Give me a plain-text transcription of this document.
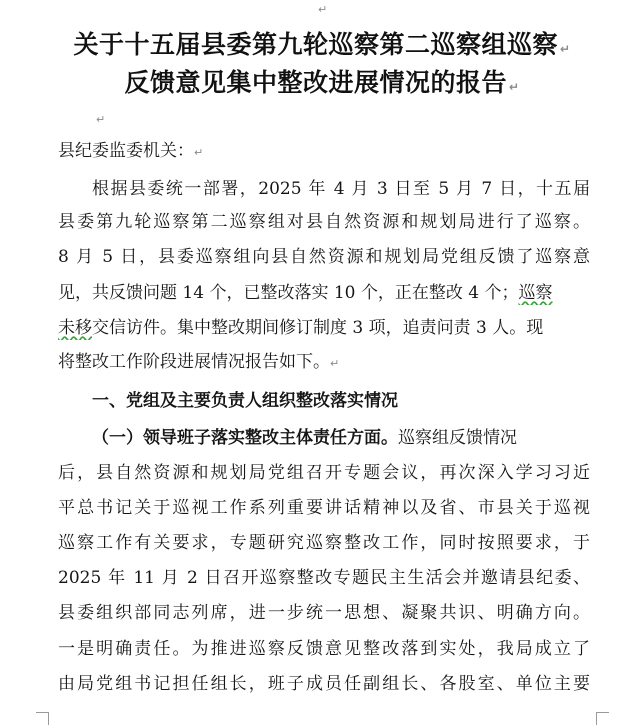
↵
关于十五届县委第九轮巡察第二巡察组巡察 ↵
反馈意见集中整改进展情况的报告 ↵
↵
县纪委监委机关：↵
根据县委统一部署，2025 年 4 月 3 日至 5 月 7 日，十五届
县委第九轮巡察第二巡察组对县自然资源和规划局进行了巡察。
8 月 5 日，县委巡察组向县自然资源和规划局党组反馈了巡察意
见，共反馈问题 14 个，已整改落实 10 个，正在整改 4 个；巡察
未移交信访件。集中整改期间修订制度 3 项，追责问责 3 人。现
将整改工作阶段进展情况报告如下。↵
一、党组及主要负责人组织整改落实情况
（一）领导班子落实整改主体责任方面。巡察组反馈情况
后，县自然资源和规划局党组召开专题会议，再次深入学习习近
平总书记关于巡视工作系列重要讲话精神以及省、市县关于巡视
巡察工作有关要求，专题研究巡察整改工作，同时按照要求，于
2025 年 11 月 2 日召开巡察整改专题民主生活会并邀请县纪委、
县委组织部同志列席，进一步统一思想、凝聚共识、明确方向。
一是明确责任。为推进巡察反馈意见整改落到实处，我局成立了
由局党组书记担任组长，班子成员任副组长、各股室、单位主要
